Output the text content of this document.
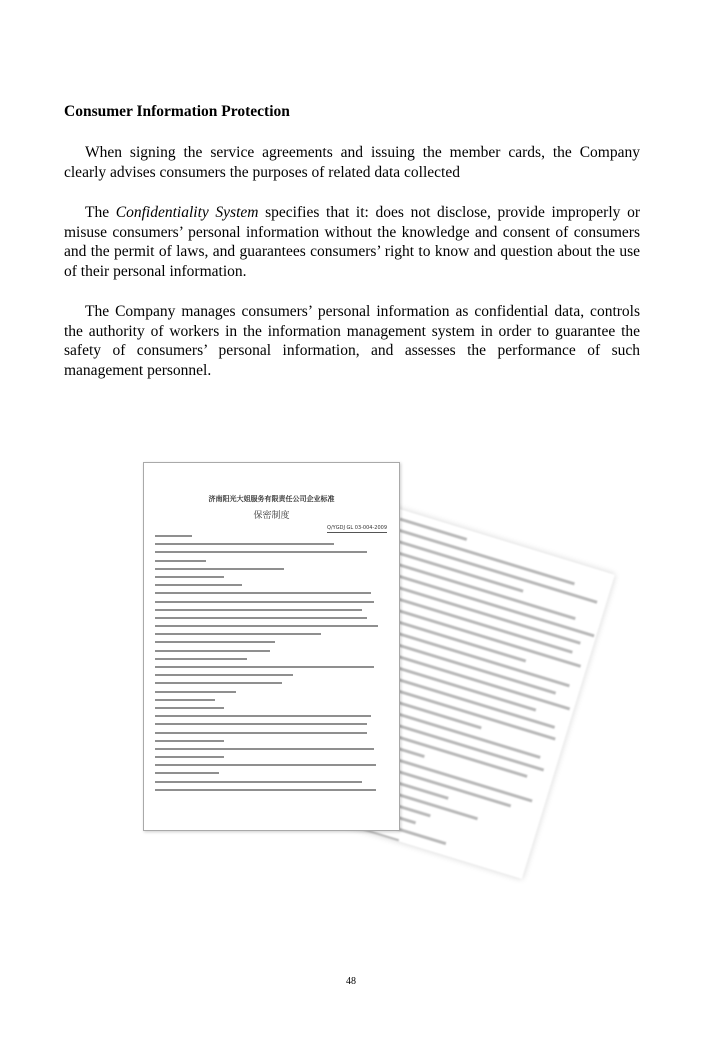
Consumer Information Protection

When signing the service agreements and issuing the member cards, the Company clearly advises consumers the purposes of related data collected

The Confidentiality System specifies that it: does not disclose, provide improperly or misuse consumers’ personal information without the knowledge and consent of consumers and the permit of laws, and guarantees consumers’ right to know and question about the use of their personal information.

The Company manages consumers’ personal information as confidential data, controls the authority of workers in the information management system in order to guarantee the safety of consumers’ personal information, and assesses the performance of such management personnel.

济南阳光大姐服务有限责任公司企业标准
保密制度
Q/YGDJ GL 03-004-2009
48
